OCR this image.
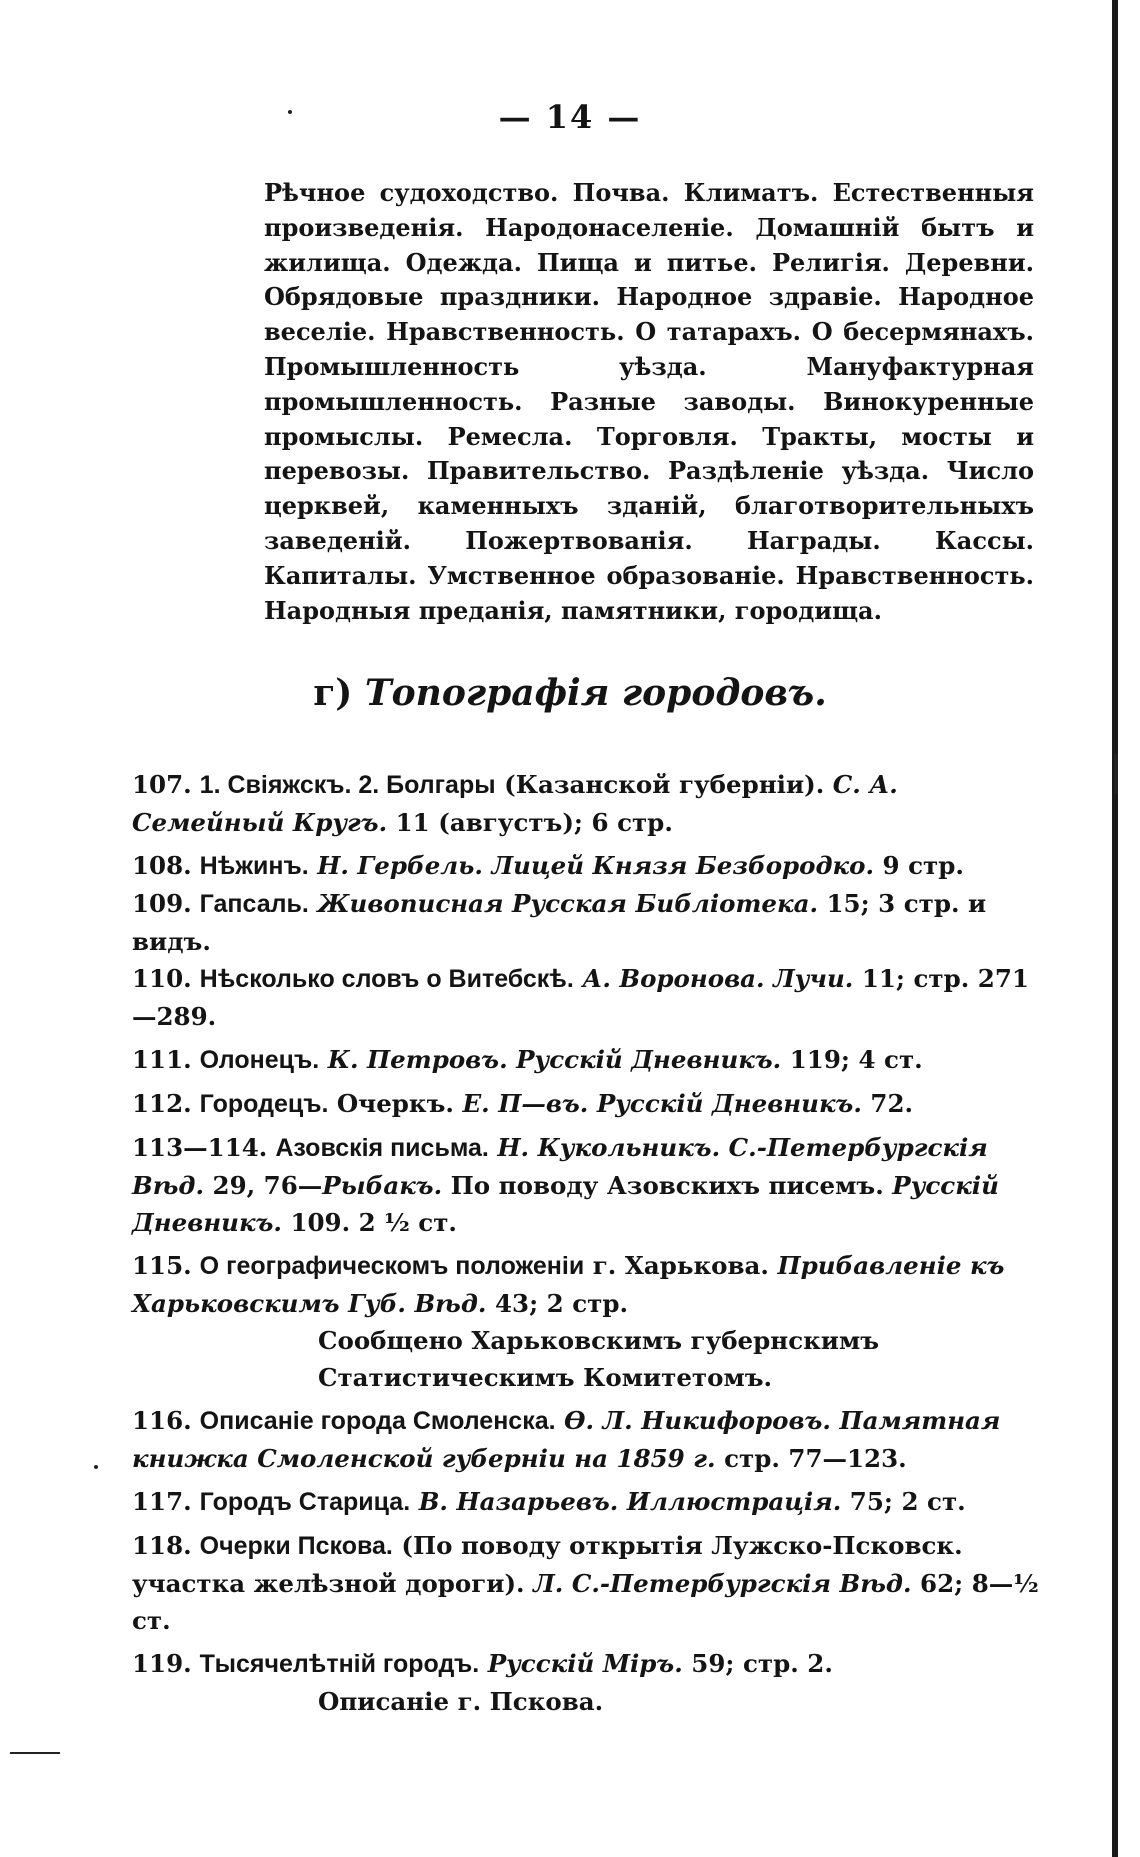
— 14 —

Рѣчное судоходство. Почва. Климатъ. Естественныя произведенія. Народонаселеніе. Домашній бытъ и жилища. Одежда. Пища и питье. Религія. Деревни. Обрядовые праздники. Народное здравіе. Народное веселіе. Нравственность. О татарахъ. О бесермянахъ. Промышленность уѣзда. Мануфактурная промышленность. Разные заводы. Винокуренные промыслы. Ремесла. Торговля. Тракты, мосты и перевозы. Правительство. Раздѣленіе уѣзда. Число церквей, каменныхъ зданій, благотворительныхъ заведеній. Пожертвованія. Награды. Кассы. Капиталы. Умственное образованіе. Нравственность. Народныя преданія, памятники, городища.

г) Топографія городовъ.
107. 1. Свіяжскъ. 2. Болгары (Казанской губерніи). С. А. Семейный Кругъ. 11 (августъ); 6 стр.
108. Нѣжинъ. Н. Гербель. Лицей Князя Безбородко. 9 стр.
109. Гапсаль. Живописная Русская Библіотека. 15; 3 стр. и видъ.
110. Нѣсколько словъ о Витебскѣ. А. Воронова. Лучи. 11; стр. 271—289.
111. Олонецъ. К. Петровъ. Русскій Дневникъ. 119; 4 ст.
112. Городецъ. Очеркъ. Е. П—въ. Русскій Дневникъ. 72.
113—114. Азовскія письма. Н. Кукольникъ. С.-Петербургскія Вѣд. 29, 76—Рыбакъ. По поводу Азовскихъ писемъ. Русскій Дневникъ. 109. 2 ½ ст.
115. О географическомъ положеніи г. Харькова. Прибавленіе къ Харьковскимъ Губ. Вѣд. 43; 2 стр.
Сообщено Харьковскимъ губернскимъ Статистическимъ Комитетомъ.
116. Описаніе города Смоленска. Ѳ. Л. Никифоровъ. Памятная книжка Смоленской губерніи на 1859 г. стр. 77—123.
117. Городъ Старица. В. Назарьевъ. Иллюстрація. 75; 2 ст.
118. Очерки Пскова. (По поводу открытія Лужско-Псковск. участка желѣзной дороги). Л. С.-Петербургскія Вѣд. 62; 8—½ ст.
119. Тысячелѣтній городъ. Русскій Міръ. 59; стр. 2.
Описаніе г. Пскова.
